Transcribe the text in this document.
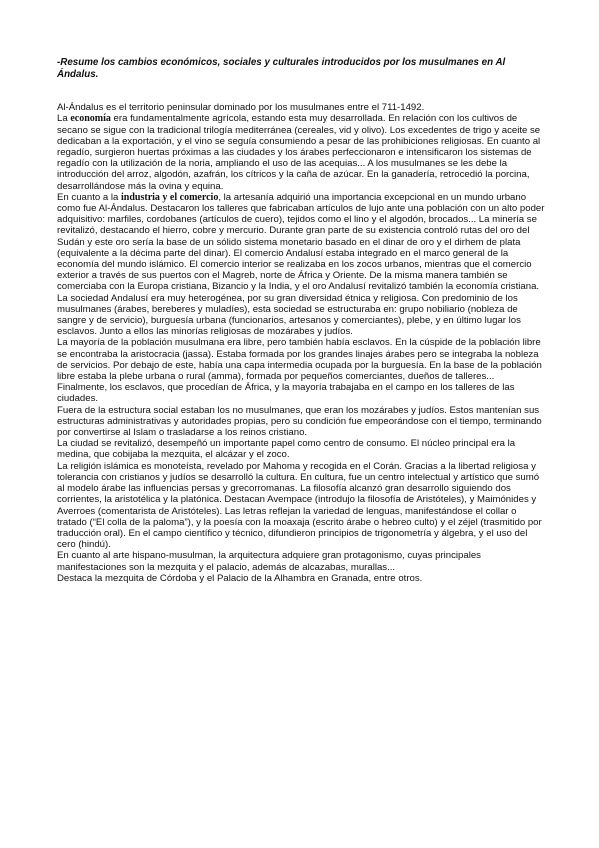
-Resume los cambios económicos, sociales y culturales introducidos por los musulmanes en Al Ándalus.

Al-Ándalus es el territorio peninsular dominado por los musulmanes entre el 711-1492.

La economía era fundamentalmente agrícola, estando esta muy desarrollada. En relación con los cultivos de secano se sigue con la tradicional trilogía mediterránea (cereales, vid y olivo). Los excedentes de trigo y aceite se dedicaban a la exportación, y el vino se seguía consumiendo a pesar de las prohibiciones religiosas. En cuanto al regadío, surgieron huertas próximas a las ciudades y los árabes perfeccionaron e intensificaron los sistemas de regadío con la utilización de la noria, ampliando el uso de las acequias... A los musulmanes se les debe la introducción del arroz, algodón, azafrán, los cítricos y la caña de azúcar. En la ganadería, retrocedió la porcina, desarrollándose más la ovina y equina.

En cuanto a la industria y el comercio, la artesanía adquirió una importancia excepcional en un mundo urbano como fue Al-Ándalus. Destacaron los talleres que fabricaban artículos de lujo ante una población con un alto poder adquisitivo: marfiles, cordobanes (artículos de cuero), tejidos como el lino y el algodón, brocados... La minería se revitalizó, destacando el hierro, cobre y mercurio. Durante gran parte de su existencia controló rutas del oro del Sudán y este oro sería la base de un sólido sistema monetario basado en el dinar de oro y el dirhem de plata (equivalente a la décima parte del dinar). El comercio Andalusí estaba integrado en el marco general de la economía del mundo islámico. El comercio interior se realizaba en los zocos urbanos, mientras que el comercio exterior a través de sus puertos con el Magreb, norte de África y Oriente. De la misma manera también se comerciaba con la Europa cristiana, Bizancio y la India, y el oro Andalusí revitalizó también la economía cristiana.

La sociedad Andalusí era muy heterogénea, por su gran diversidad étnica y religiosa. Con predominio de los musulmanes (árabes, bereberes y muladíes), esta sociedad se estructuraba en: grupo nobiliario (nobleza de sangre y de servicio), burguesía urbana (funcionarios, artesanos y comerciantes), plebe, y en último lugar los esclavos. Junto a ellos las minorías religiosas de mozárabes y judíos.

La mayoría de la población musulmana era libre, pero también había esclavos. En la cúspide de la población libre se encontraba la aristocracia (jassa). Estaba formada por los grandes linajes árabes pero se integraba la nobleza de servicios. Por debajo de este, había una capa intermedia ocupada por la burguesía. En la base de la población libre estaba la plebe urbana o rural (amma), formada por pequeños comerciantes, dueños de talleres... Finalmente, los esclavos, que procedían de África, y la mayoría trabajaba en el campo en los talleres de las ciudades.

Fuera de la estructura social estaban los no musulmanes, que eran los mozárabes y judíos. Estos mantenían sus estructuras administrativas y autoridades propias, pero su condición fue empeorándose con el tiempo, terminando por convertirse al Islam o trasladarse a los reinos cristiano.

La ciudad se revitalizó, desempeñó un importante papel como centro de consumo. El núcleo principal era la medina, que cobijaba la mezquita, el alcázar y el zoco.

La religión islámica es monoteísta, revelado por Mahoma y recogida en el Corán. Gracias a la libertad religiosa y tolerancia con cristianos y judíos se desarrolló la cultura. En cultura, fue un centro intelectual y artístico que sumó al modelo árabe las influencias persas y grecorromanas. La filosofía alcanzó gran desarrollo siguiendo dos corrientes, la aristotélica y la platónica. Destacan Avempace (introdujo la filosofía de Aristóteles), y Maimónides y Averroes (comentarista de Aristóteles). Las letras reflejan la variedad de lenguas, manifestándose el collar o tratado (“El colla de la paloma”), y la poesía con la moaxaja (escrito árabe o hebreo culto) y el zéjel (trasmitido por traducción oral). En el campo científico y técnico, difundieron principios de trigonometría y álgebra, y el uso del cero (hindú).

En cuanto al arte hispano-musulman, la arquitectura adquiere gran protagonismo, cuyas principales manifestaciones son la mezquita y el palacio, además de alcazabas, murallas...

Destaca la mezquita de Córdoba y el Palacio de la Alhambra en Granada, entre otros.
